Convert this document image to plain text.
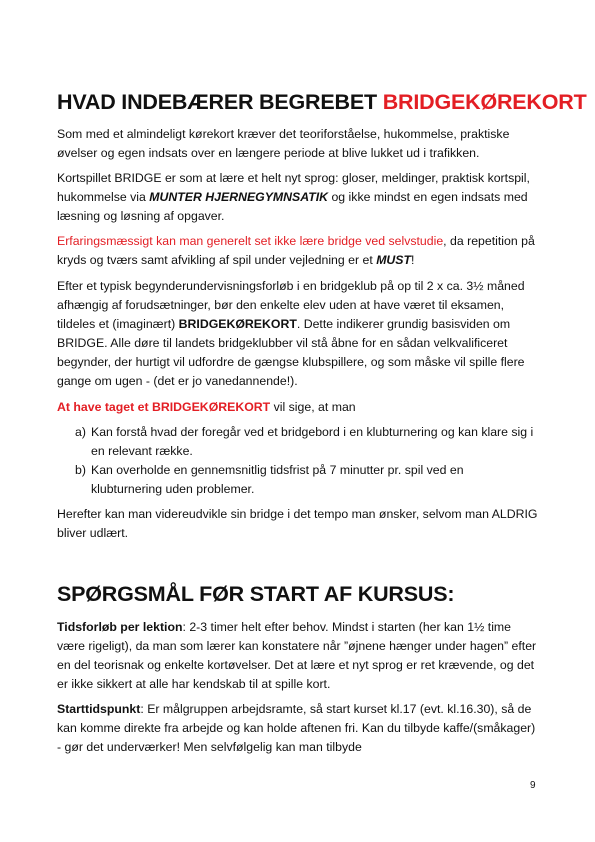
HVAD INDEBÆRER BEGREBET BRIDGEKØREKORT

Som med et almindeligt kørekort kræver det teoriforståelse, hukommelse, praktiske øvelser og egen indsats over en længere periode at blive lukket ud i trafikken.

Kortspillet BRIDGE er som at lære et helt nyt sprog: gloser, meldinger, praktisk kortspil, hukommelse via MUNTER HJERNEGYMNSATIK og ikke mindst en egen indsats med læsning og løsning af opgaver.

Erfaringsmæssigt kan man generelt set ikke lære bridge ved selvstudie, da repetition på kryds og tværs samt afvikling af spil under vejledning er et MUST!

Efter et typisk begynderundervisningsforløb i en bridgeklub på op til 2 x ca. 3½ måned afhængig af forudsætninger, bør den enkelte elev uden at have været til eksamen, tildeles et (imaginært) BRIDGEKØREKORT. Dette indikerer grundig basisviden om BRIDGE. Alle døre til landets bridgeklubber vil stå åbne for en sådan velkvalificeret begynder, der hurtigt vil udfordre de gængse klubspillere, og som måske vil spille flere gange om ugen - (det er jo vanedannende!).

At have taget et BRIDGEKØREKORT vil sige, at man

a) Kan forstå hvad der foregår ved et bridgebord i en klubturnering og kan klare sig i en relevant række.
b) Kan overholde en gennemsnitlig tidsfrist på 7 minutter pr. spil ved en klubturnering uden problemer.

Herefter kan man videreudvikle sin bridge i det tempo man ønsker, selvom man ALDRIG bliver udlært.

SPØRGSMÅL FØR START AF KURSUS:

Tidsforløb per lektion: 2-3 timer helt efter behov. Mindst i starten (her kan 1½ time være rigeligt), da man som lærer kan konstatere når ”øjnene hænger under hagen” efter en del teorisnak og enkelte kortøvelser. Det at lære et nyt sprog er ret krævende, og det er ikke sikkert at alle har kendskab til at spille kort.

Starttidspunkt: Er målgruppen arbejdsramte, så start kurset kl.17 (evt. kl.16.30), så de kan komme direkte fra arbejde og kan holde aftenen fri. Kan du tilbyde kaffe/(småkager) - gør det underværker! Men selvfølgelig kan man tilbyde

9
